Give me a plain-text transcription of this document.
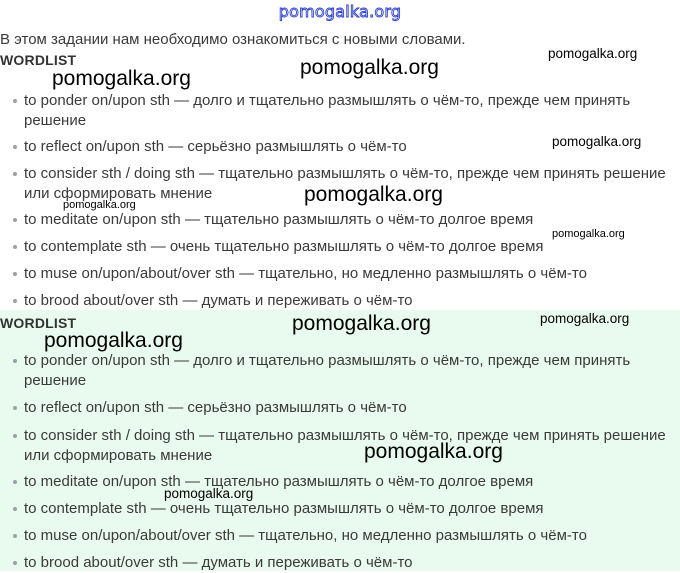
pomogalka.org
В этом задании нам необходимо ознакомиться с новыми словами.
WORDLIST
to ponder on/upon sth — долго и тщательно размышлять о чём-то, прежде чем принять решение
to reflect on/upon sth — серьёзно размышлять о чём-то
to consider sth / doing sth — тщательно размышлять о чём-то, прежде чем принять решение или сформировать мнение
to meditate on/upon sth — тщательно размышлять о чём-то долгое время
to contemplate sth — очень тщательно размышлять о чём-то долгое время
to muse on/upon/about/over sth — тщательно, но медленно размышлять о чём-то
to brood about/over sth — думать и переживать о чём-то
WORDLIST
to ponder on/upon sth — долго и тщательно размышлять о чём-то, прежде чем принять решение
to reflect on/upon sth — серьёзно размышлять о чём-то
to consider sth / doing sth — тщательно размышлять о чём-то, прежде чем принять решение или сформировать мнение
to meditate on/upon sth — тщательно размышлять о чём-то долгое время
to contemplate sth — очень тщательно размышлять о чём-то долгое время
to muse on/upon/about/over sth — тщательно, но медленно размышлять о чём-то
to brood about/over sth — думать и переживать о чём-то
pomogalka.org
pomogalka.org	pomogalka.org
pomogalka.org
pomogalka.org
pomogalka.org
pomogalka.org
pomogalka.org	pomogalka.org
pomogalka.org
pomogalka.org
pomogalka.org
